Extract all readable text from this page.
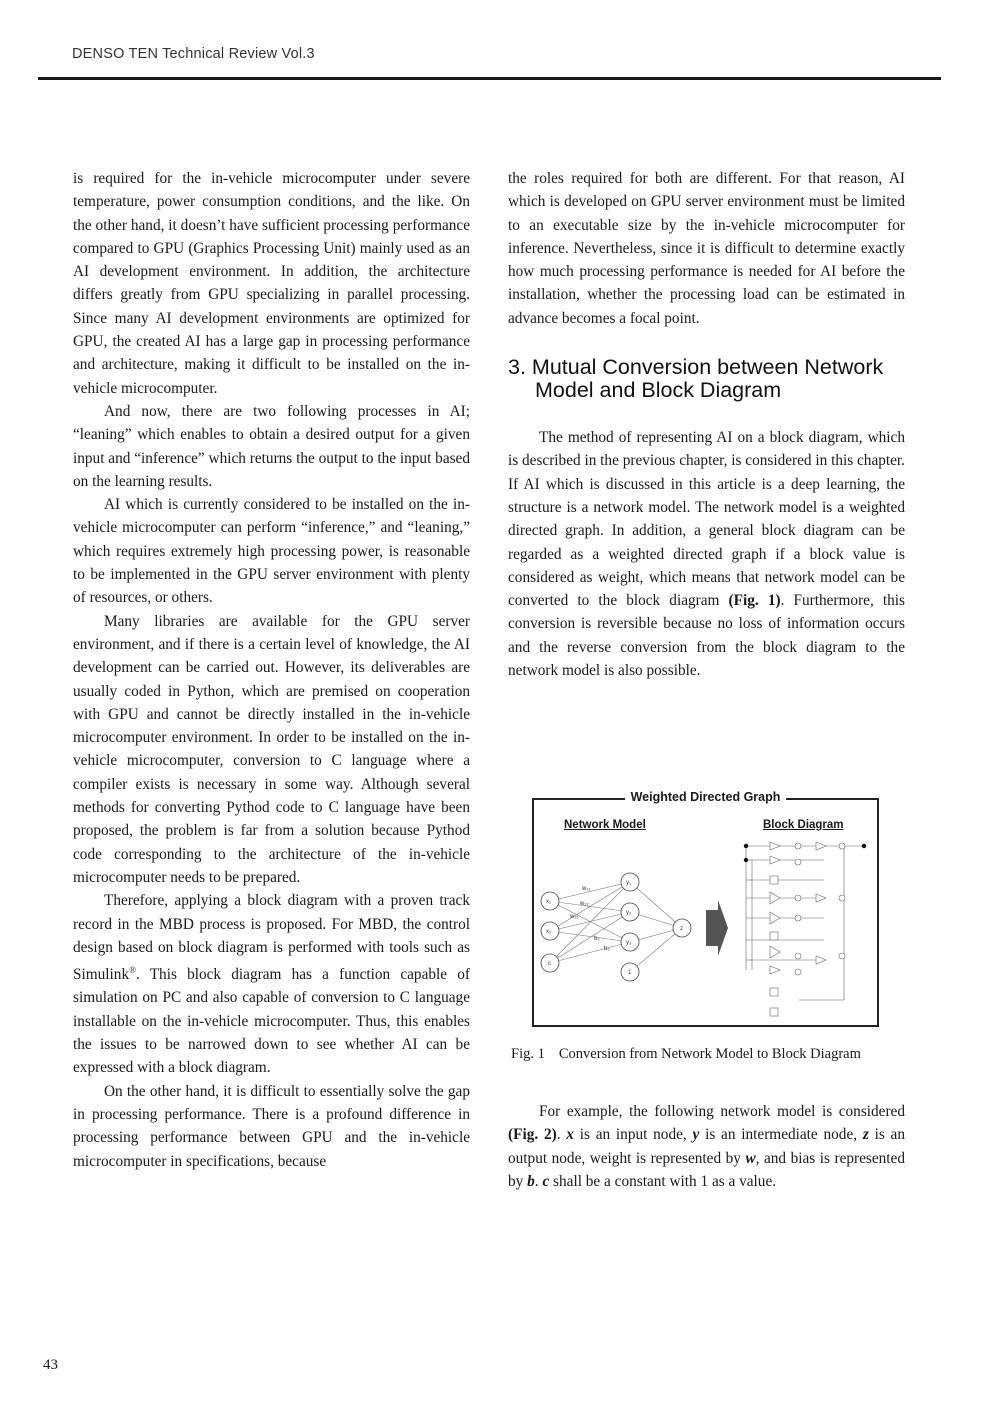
DENSO TEN Technical Review Vol.3

is required for the in-vehicle microcomputer under severe temperature, power consumption conditions, and the like. On the other hand, it doesn’t have sufficient processing performance compared to GPU (Graphics Processing Unit) mainly used as an AI development environment. In addition, the architecture differs greatly from GPU specializing in parallel processing. Since many AI development environments are optimized for GPU, the created AI has a large gap in processing performance and architecture, making it difficult to be installed on the in-vehicle microcomputer.

And now, there are two following processes in AI; “leaning” which enables to obtain a desired output for a given input and “inference” which returns the output to the input based on the learning results.

AI which is currently considered to be installed on the in-vehicle microcomputer can perform “inference,” and “leaning,” which requires extremely high processing power, is reasonable to be implemented in the GPU server environment with plenty of resources, or others.

Many libraries are available for the GPU server environment, and if there is a certain level of knowledge, the AI development can be carried out. However, its deliverables are usually coded in Python, which are premised on cooperation with GPU and cannot be directly installed in the in-vehicle microcomputer environment. In order to be installed on the in-vehicle microcomputer, conversion to C language where a compiler exists is necessary in some way. Although several methods for converting Pythod code to C language have been proposed, the problem is far from a solution because Pythod code corresponding to the architecture of the in-vehicle microcomputer needs to be prepared.

Therefore, applying a block diagram with a proven track record in the MBD process is proposed. For MBD, the control design based on block diagram is performed with tools such as Simulink®. This block diagram has a function capable of simulation on PC and also capable of conversion to C language installable on the in-vehicle microcomputer. Thus, this enables the issues to be narrowed down to see whether AI can be expressed with a block diagram.

On the other hand, it is difficult to essentially solve the gap in processing performance. There is a profound difference in processing performance between GPU and the in-vehicle microcomputer in specifications, because

the roles required for both are different. For that reason, AI which is developed on GPU server environment must be limited to an executable size by the in-vehicle microcomputer for inference. Nevertheless, since it is difficult to determine exactly how much processing performance is needed for AI before the installation, whether the processing load can be estimated in advance becomes a focal point.

3. Mutual Conversion between Network Model and Block Diagram

The method of representing AI on a block diagram, which is described in the previous chapter, is considered in this chapter. If AI which is discussed in this article is a deep learning, the structure is a network model. The network model is a weighted directed graph. In addition, a general block diagram can be regarded as a weighted directed graph if a block value is considered as weight, which means that network model can be converted to the block diagram (Fig. 1). Furthermore, this conversion is reversible because no loss of information occurs and the reverse conversion from the block diagram to the network model is also possible.

x₁
x₂
c
y₁
y₂
y₃
1
z
w₁₁
w₁₂
w₂₁
b₂
b₃
Weighted Directed Graph
Network Model	Block Diagram
Fig. 1 Conversion from Network Model to Block Diagram

For example, the following network model is considered (Fig. 2). x is an input node, y is an intermediate node, z is an output node, weight is represented by w, and bias is represented by b. c shall be a constant with 1 as a value.

43
